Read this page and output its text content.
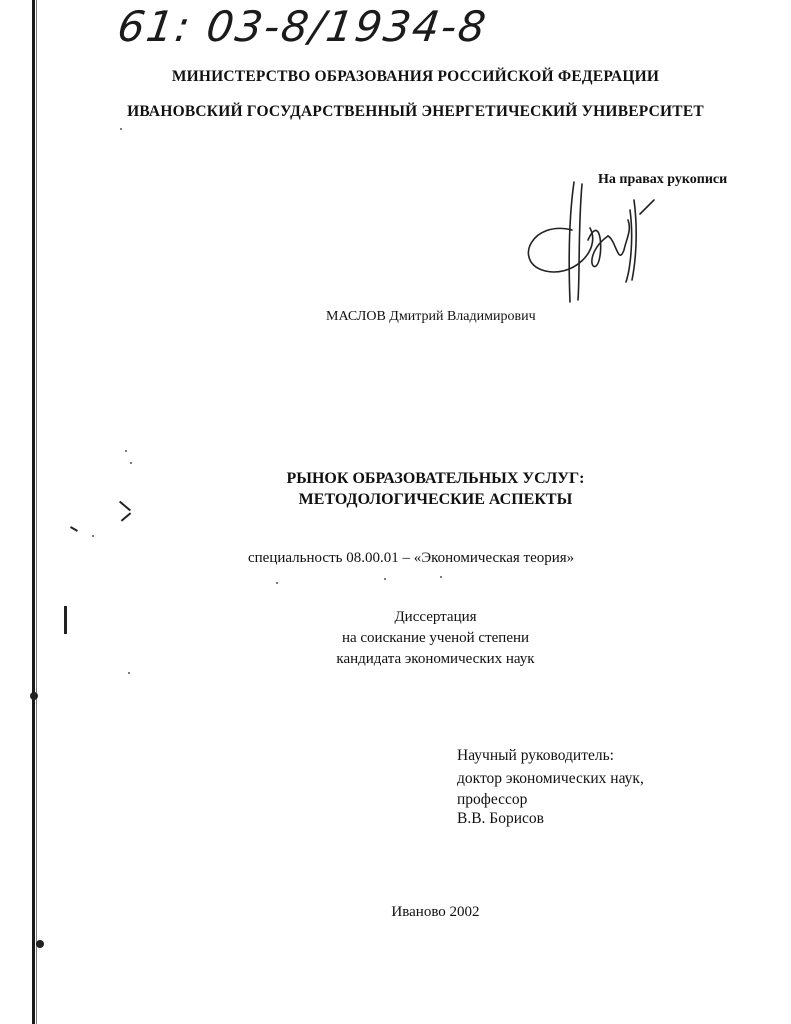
61: 03-8/1934-8
МИНИСТЕРСТВО ОБРАЗОВАНИЯ РОССИЙСКОЙ ФЕДЕРАЦИИ
ИВАНОВСКИЙ ГОСУДАРСТВЕННЫЙ ЭНЕРГЕТИЧЕСКИЙ УНИВЕРСИТЕТ
На правах рукописи
МАСЛОВ Дмитрий Владимирович
РЫНОК ОБРАЗОВАТЕЛЬНЫХ УСЛУГ:
МЕТОДОЛОГИЧЕСКИЕ АСПЕКТЫ
специальность 08.00.01 – «Экономическая теория»
Диссертация
на соискание ученой степени
кандидата экономических наук
Научный руководитель:
доктор экономических наук,
профессор
В.В. Борисов
Иваново 2002
